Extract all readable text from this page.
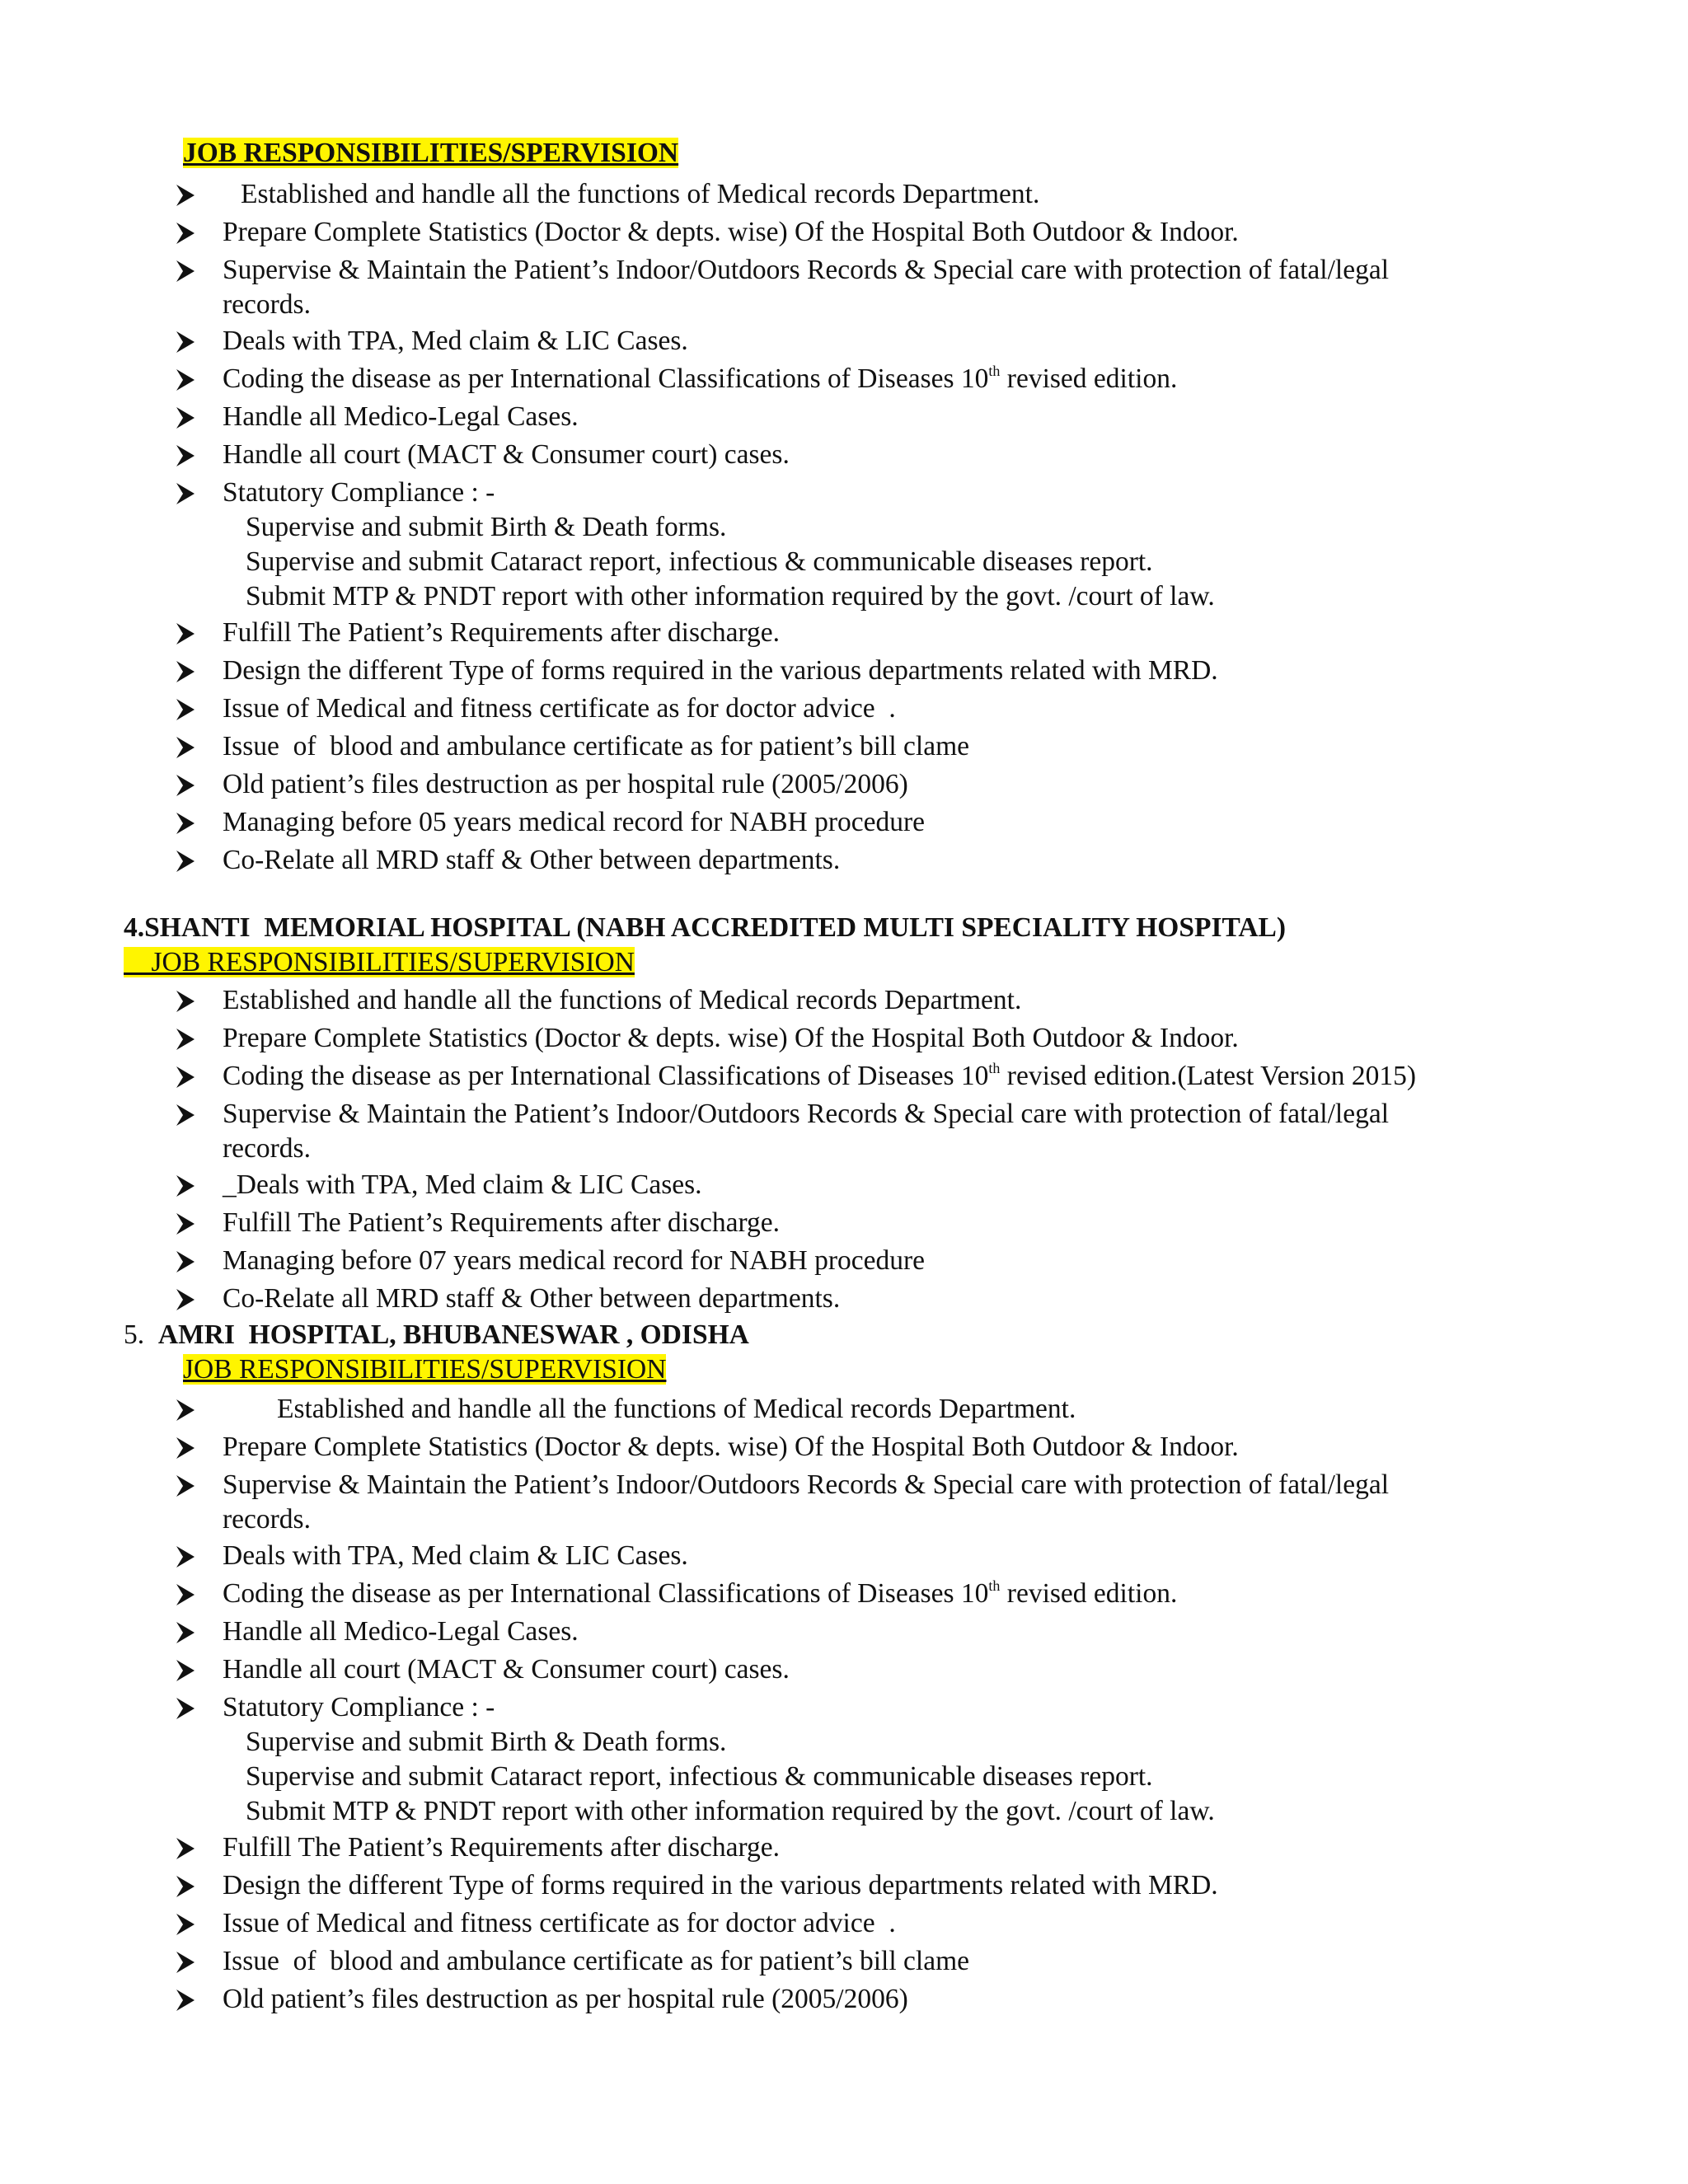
JOB RESPONSIBILITIES/SPERVISION
Established and handle all the functions of Medical records Department.
Prepare Complete Statistics (Doctor & depts. wise) Of the Hospital Both Outdoor & Indoor.
Supervise & Maintain the Patient’s Indoor/Outdoors Records & Special care with protection of fatal/legal
records.
Deals with TPA, Med claim & LIC Cases.
Coding the disease as per International Classifications of Diseases 10th revised edition.
Handle all Medico-Legal Cases.
Handle all court (MACT & Consumer court) cases.
Statutory Compliance : -
Supervise and submit Birth & Death forms.
Supervise and submit Cataract report, infectious & communicable diseases report.
Submit MTP & PNDT report with other information required by the govt. /court of law.
Fulfill The Patient’s Requirements after discharge.
Design the different Type of forms required in the various departments related with MRD.
Issue of Medical and fitness certificate as for doctor advice  .
Issue  of  blood and ambulance certificate as for patient’s bill clame
Old patient’s files destruction as per hospital rule (2005/2006)
Managing before 05 years medical record for NABH procedure
Co-Relate all MRD staff & Other between departments.
4.SHANTI  MEMORIAL HOSPITAL (NABH ACCREDITED MULTI SPECIALITY HOSPITAL)
JOB RESPONSIBILITIES/SUPERVISION
Established and handle all the functions of Medical records Department.
Prepare Complete Statistics (Doctor & depts. wise) Of the Hospital Both Outdoor & Indoor.
Coding the disease as per International Classifications of Diseases 10th revised edition.(Latest Version 2015)
Supervise & Maintain the Patient’s Indoor/Outdoors Records & Special care with protection of fatal/legal
records.
_Deals with TPA, Med claim & LIC Cases.
Fulfill The Patient’s Requirements after discharge.
Managing before 07 years medical record for NABH procedure
Co-Relate all MRD staff & Other between departments.
5. AMRI  HOSPITAL, BHUBANESWAR , ODISHA
JOB RESPONSIBILITIES/SUPERVISION
Established and handle all the functions of Medical records Department.
Prepare Complete Statistics (Doctor & depts. wise) Of the Hospital Both Outdoor & Indoor.
Supervise & Maintain the Patient’s Indoor/Outdoors Records & Special care with protection of fatal/legal
records.
Deals with TPA, Med claim & LIC Cases.
Coding the disease as per International Classifications of Diseases 10th revised edition.
Handle all Medico-Legal Cases.
Handle all court (MACT & Consumer court) cases.
Statutory Compliance : -
Supervise and submit Birth & Death forms.
Supervise and submit Cataract report, infectious & communicable diseases report.
Submit MTP & PNDT report with other information required by the govt. /court of law.
Fulfill The Patient’s Requirements after discharge.
Design the different Type of forms required in the various departments related with MRD.
Issue of Medical and fitness certificate as for doctor advice  .
Issue  of  blood and ambulance certificate as for patient’s bill clame
Old patient’s files destruction as per hospital rule (2005/2006)
